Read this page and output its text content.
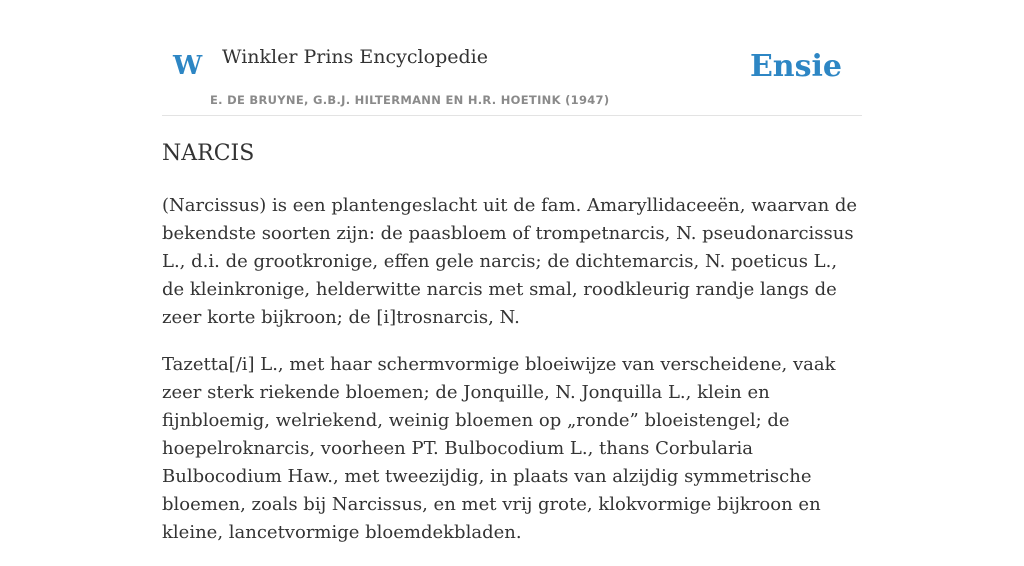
W Winkler Prins Encyclopedie
E. DE BRUYNE, G.B.J. HILTERMANN EN H.R. HOETINK (1947)
Ensie
NARCIS

(Narcissus) is een plantengeslacht uit de fam. Amaryllidaceeën, waarvan de bekendste soorten zijn: de paasbloem of trompetnarcis, N. pseudonarcissus L., d.i. de grootkronige, effen gele narcis; de dichtemarcis, N. poeticus L., de kleinkronige, helderwitte narcis met smal, roodkleurig randje langs de zeer korte bijkroon; de [i]trosnarcis, N.

Tazetta[/i] L., met haar schermvormige bloeiwijze van verscheidene, vaak zeer sterk riekende bloemen; de Jonquille, N. Jonquilla L., klein en fijnbloemig, welriekend, weinig bloemen op „ronde” bloeistengel; de hoepelroknarcis, voorheen PT. Bulbocodium L., thans Corbularia Bulbocodium Haw., met tweezijdig, in plaats van alzijdig symmetrische bloemen, zoals bij Narcissus, en met vrij grote, klokvormige bijkroon en kleine, lancetvormige bloemdekbladen.
